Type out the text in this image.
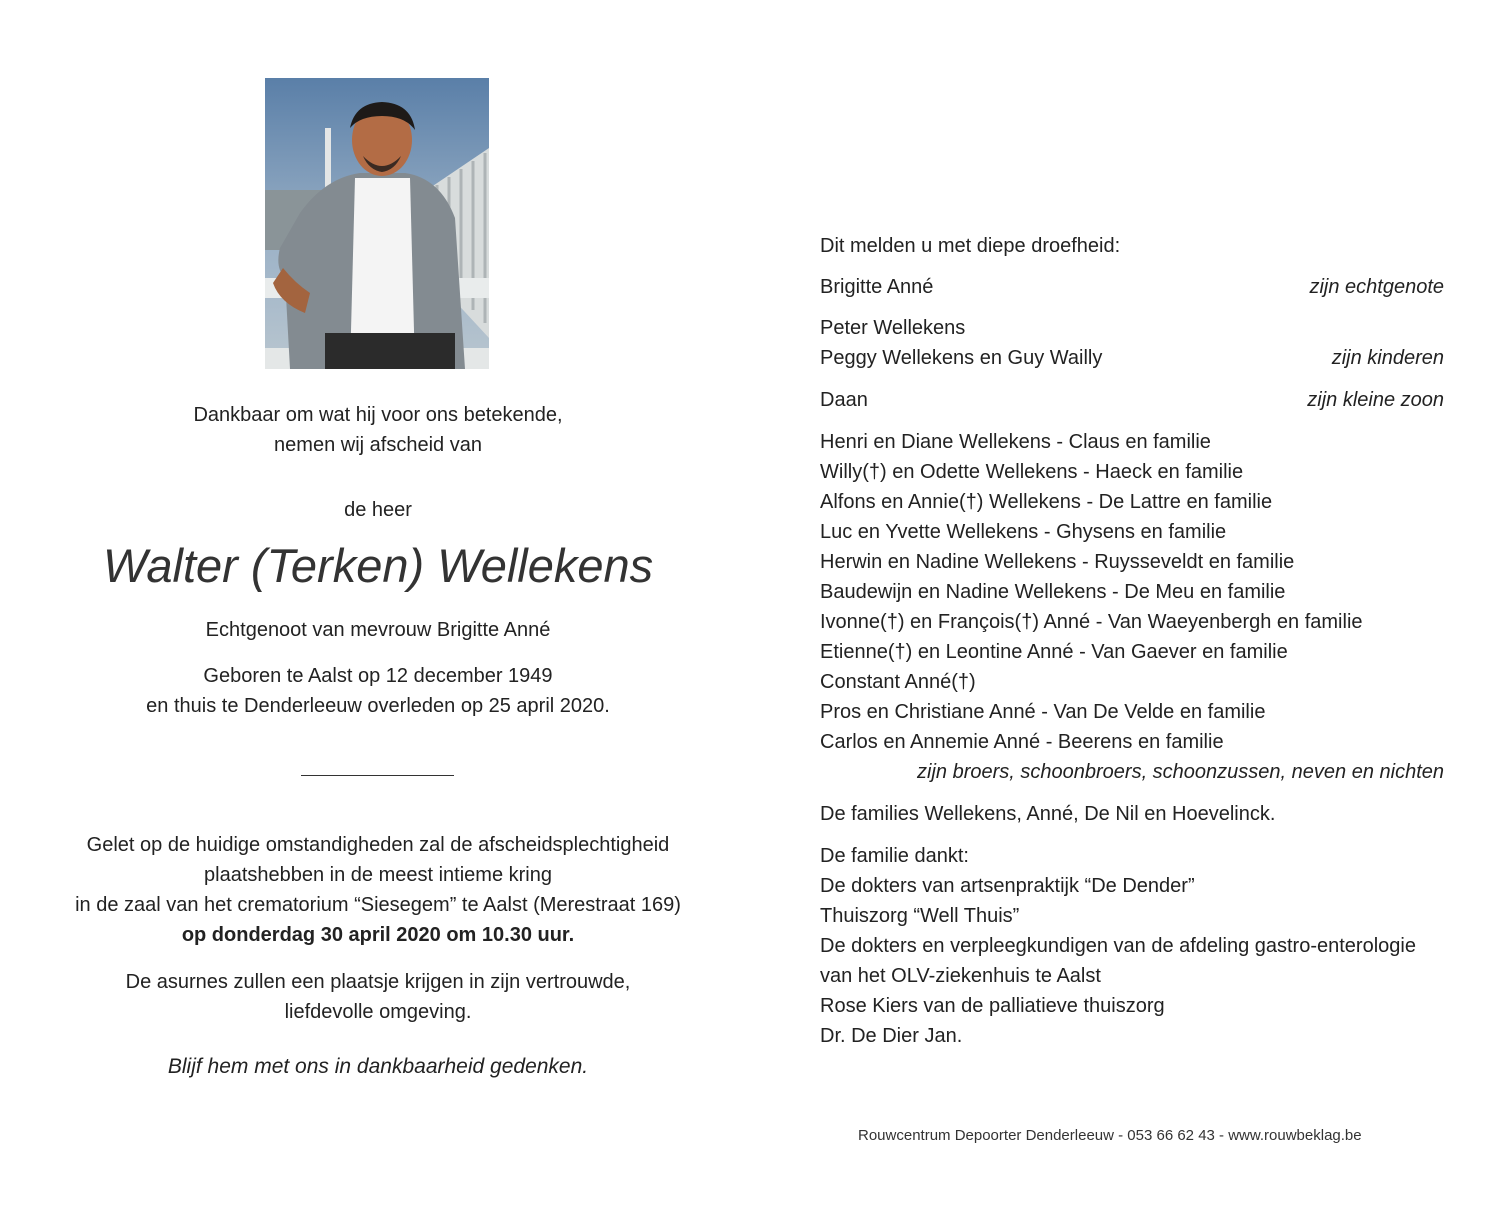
Dankbaar om wat hij voor ons betekende,
nemen wij afscheid van
de heer
Walter (Terken) Wellekens
Echtgenoot van mevrouw Brigitte Anné
Geboren te Aalst op 12 december 1949
en thuis te Denderleeuw overleden op 25 april 2020.
Gelet op de huidige omstandigheden zal de afscheidsplechtigheid
plaatshebben in de meest intieme kring
in de zaal van het crematorium “Siesegem” te Aalst (Merestraat 169)
op donderdag 30 april 2020 om 10.30 uur.
De asurnes zullen een plaatsje krijgen in zijn vertrouwde,
liefdevolle omgeving.
Blijf hem met ons in dankbaarheid gedenken.
Dit melden u met diepe droefheid:
Brigitte Anné	zijn echtgenote
Peter Wellekens
Peggy Wellekens en Guy Wailly	zijn kinderen
Daan	zijn kleine zoon
Henri en Diane Wellekens - Claus en familie
Willy(†) en Odette Wellekens - Haeck en familie
Alfons en Annie(†) Wellekens - De Lattre en familie
Luc en Yvette Wellekens - Ghysens en familie
Herwin en Nadine Wellekens - Ruysseveldt en familie
Baudewijn en Nadine Wellekens - De Meu en familie
Ivonne(†) en François(†) Anné - Van Waeyenbergh en familie
Etienne(†) en Leontine Anné - Van Gaever en familie
Constant Anné(†)
Pros en Christiane Anné - Van De Velde en familie
Carlos en Annemie Anné - Beerens en familie
zijn broers, schoonbroers, schoonzussen, neven en nichten
De families Wellekens, Anné, De Nil en Hoevelinck.
De familie dankt:
De dokters van artsenpraktijk “De Dender”
Thuiszorg “Well Thuis”
De dokters en verpleegkundigen van de afdeling gastro-enterologie
van het OLV-ziekenhuis te Aalst
Rose Kiers van de palliatieve thuiszorg
Dr. De Dier Jan.
Rouwcentrum Depoorter Denderleeuw - 053 66 62 43 - www.rouwbeklag.be
